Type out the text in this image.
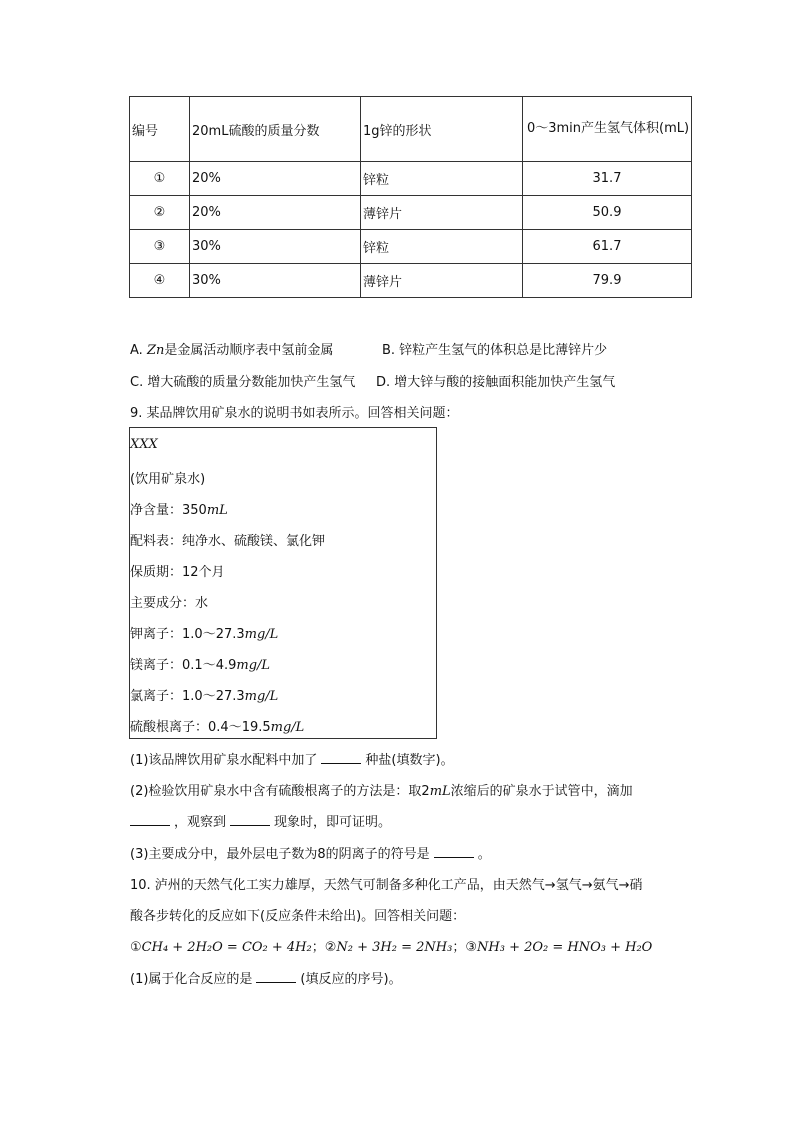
编号	20mL硫酸的质量分数	1g锌的形状	0～3min产生氢气体积(mL)

①	20%	锌粒	31.7
②	20%	薄锌片	50.9
③	30%	锌粒	61.7
④	30%	薄锌片	79.9
A. Zn是金属活动顺序表中氢前金属	B. 锌粒产生氢气的体积总是比薄锌片少
C. 增大硫酸的质量分数能加快产生氢气 D. 增大锌与酸的接触面积能加快产生氢气
9. 某品牌饮用矿泉水的说明书如表所示。回答相关问题：
XXX
(饮用矿泉水)
净含量：350mL
配料表：纯净水、硫酸镁、氯化钾
保质期：12个月
主要成分：水
钾离子：1.0～27.3mg/L
镁离子：0.1～4.9mg/L
氯离子：1.0～27.3mg/L
硫酸根离子：0.4～19.5mg/L
(1)该品牌饮用矿泉水配料中加了	种盐(填数字)。
(2)检验饮用矿泉水中含有硫酸根离子的方法是：取2mL浓缩后的矿泉水于试管中，滴加
，观察到	现象时，即可证明。
(3)主要成分中，最外层电子数为8的阴离子的符号是	。
10. 泸州的天然气化工实力雄厚，天然气可制备多种化工产品，由天然气→氢气→氨气→硝
酸各步转化的反应如下(反应条件未给出)。回答相关问题：
①CH₄ + 2H₂O = CO₂ + 4H₂；②N₂ + 3H₂ = 2NH₃；③NH₃ + 2O₂ = HNO₃ + H₂O
(1)属于化合反应的是	(填反应的序号)。
